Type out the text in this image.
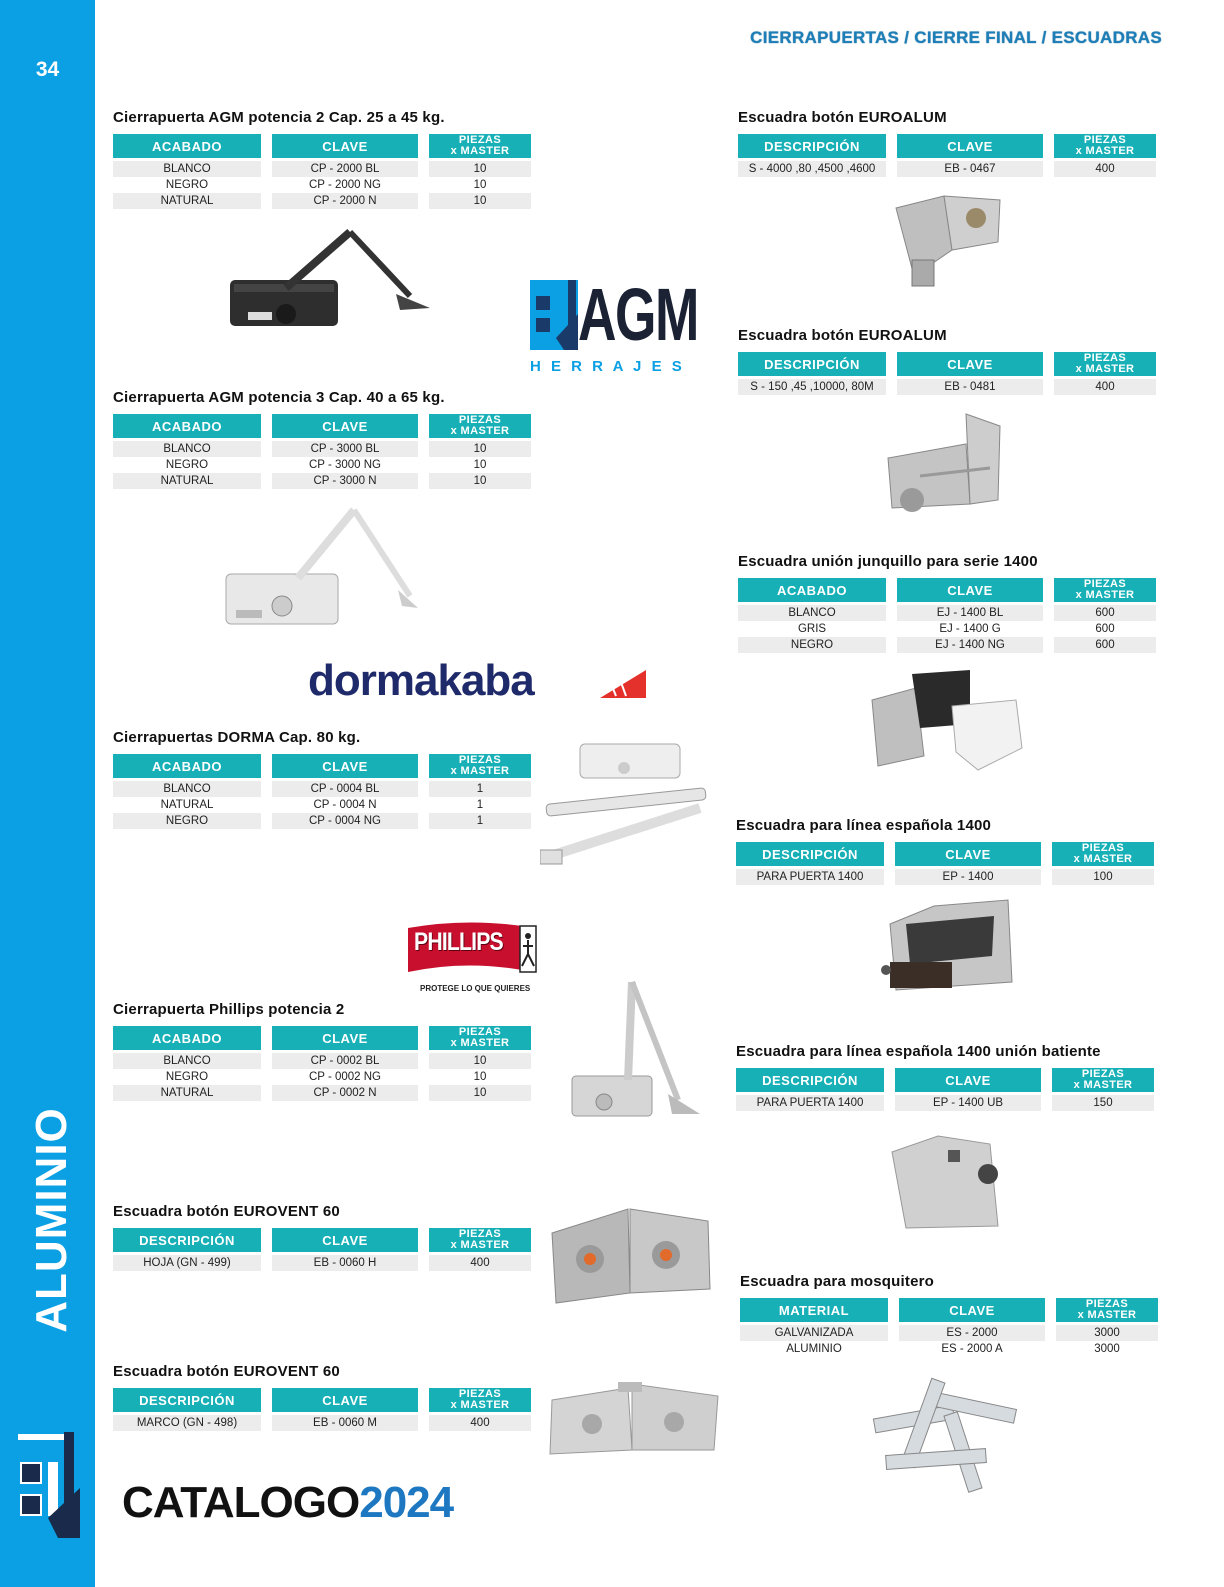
34
ALUMINIO
CIERRAPUERTAS / CIERRE FINAL / ESCUADRAS
CATALOGO2024
Cierrapuerta AGM potencia 2 Cap. 25 a 45 kg.
ACABADO	CLAVE	PIEZAS
x MASTER

BLANCO	CP - 2000 BL	10
NEGRO	CP - 2000 NG	10
NATURAL	CP - 2000 N	10
Cierrapuerta AGM potencia 3 Cap. 40 a 65 kg.
ACABADO	CLAVE	PIEZAS
x MASTER

BLANCO	CP - 3000 BL	10
NEGRO	CP - 3000 NG	10
NATURAL	CP - 3000 N	10
Cierrapuertas DORMA Cap. 80 kg.
ACABADO	CLAVE	PIEZAS
x MASTER

BLANCO	CP - 0004 BL	1
NATURAL	CP - 0004 N	1
NEGRO	CP - 0004 NG	1
Cierrapuerta Phillips potencia 2
ACABADO	CLAVE	PIEZAS
x MASTER

BLANCO	CP - 0002 BL	10
NEGRO	CP - 0002 NG	10
NATURAL	CP - 0002 N	10
Escuadra botón EUROVENT 60
DESCRIPCIÓN	CLAVE	PIEZAS
x MASTER

HOJA (GN - 499)	EB - 0060 H	400
Escuadra botón EUROVENT 60
DESCRIPCIÓN	CLAVE	PIEZAS
x MASTER

MARCO (GN - 498)	EB - 0060 M	400
Escuadra botón EUROALUM
DESCRIPCIÓN	CLAVE	PIEZAS
x MASTER

S - 4000 ,80 ,4500 ,4600	EB - 0467	400
Escuadra botón EUROALUM
DESCRIPCIÓN	CLAVE	PIEZAS
x MASTER

S - 150 ,45 ,10000, 80M	EB - 0481	400
Escuadra unión junquillo para serie 1400
ACABADO	CLAVE	PIEZAS
x MASTER

BLANCO	EJ - 1400 BL	600
GRIS	EJ - 1400 G	600
NEGRO	EJ - 1400 NG	600
Escuadra para línea española 1400
DESCRIPCIÓN	CLAVE	PIEZAS
x MASTER

PARA PUERTA 1400	EP - 1400	100
Escuadra para línea española 1400 unión batiente
DESCRIPCIÓN	CLAVE	PIEZAS
x MASTER

PARA PUERTA 1400	EP - 1400 UB	150
Escuadra para mosquitero
MATERIAL	CLAVE	PIEZAS
x MASTER

GALVANIZADA	ES - 2000	3000
ALUMINIO	ES - 2000 A	3000
AGM
H E R R A J E S
dormakaba
PHILLIPS
PROTEGE LO QUE QUIERES
